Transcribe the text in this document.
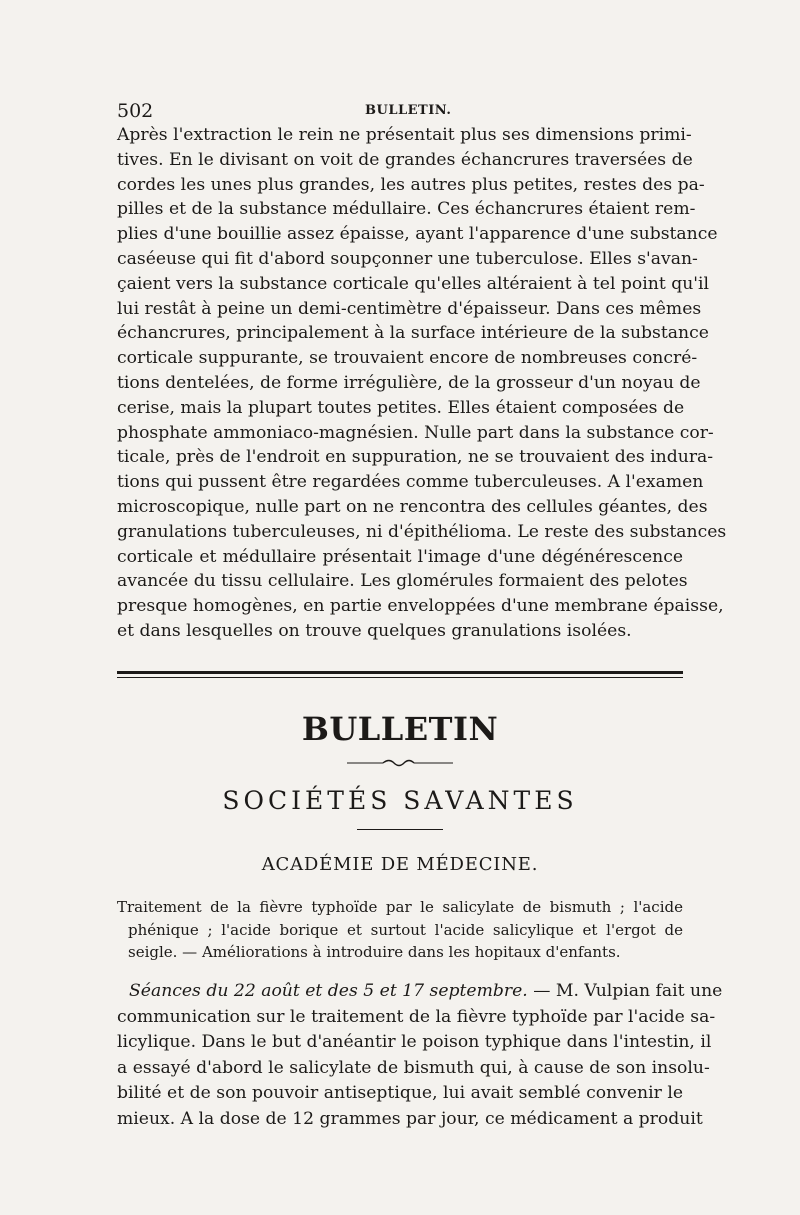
502	BULLETIN.
Après l'extraction le rein ne présentait plus ses dimensions primi-
tives. En le divisant on voit de grandes échancrures traversées de
cordes les unes plus grandes, les autres plus petites, restes des pa-
pilles et de la substance médullaire. Ces échancrures étaient rem-
plies d'une bouillie assez épaisse, ayant l'apparence d'une substance
caséeuse qui fit d'abord soupçonner une tuberculose. Elles s'avan-
çaient vers la substance corticale qu'elles altéraient à tel point qu'il
lui restât à peine un demi-centimètre d'épaisseur. Dans ces mêmes
échancrures, principalement à la surface intérieure de la substance
corticale suppurante, se trouvaient encore de nombreuses concré-
tions dentelées, de forme irrégulière, de la grosseur d'un noyau de
cerise, mais la plupart toutes petites. Elles étaient composées de
phosphate ammoniaco-magnésien. Nulle part dans la substance cor-
ticale, près de l'endroit en suppuration, ne se trouvaient des indura-
tions qui pussent être regardées comme tuberculeuses. A l'examen
microscopique, nulle part on ne rencontra des cellules géantes, des
granulations tuberculeuses, ni d'épithélioma. Le reste des substances
corticale et médullaire présentait l'image d'une dégénérescence
avancée du tissu cellulaire. Les glomérules formaient des pelotes
presque homogènes, en partie enveloppées d'une membrane épaisse,
et dans lesquelles on trouve quelques granulations isolées.
BULLETIN
SOCIÉTÉS SAVANTES
ACADÉMIE DE MÉDECINE.
Traitement de la fièvre typhoïde par le salicylate de bismuth ; l'acide
phénique ; l'acide borique et surtout l'acide salicylique et l'ergot de
seigle. — Améliorations à introduire dans les hopitaux d'enfants.
Séances du 22 août et des 5 et 17 septembre. — M. Vulpian fait une
communication sur le traitement de la fièvre typhoïde par l'acide sa-
licylique. Dans le but d'anéantir le poison typhique dans l'intestin, il
a essayé d'abord le salicylate de bismuth qui, à cause de son insolu-
bilité et de son pouvoir antiseptique, lui avait semblé convenir le
mieux. A la dose de 12 grammes par jour, ce médicament a produit
